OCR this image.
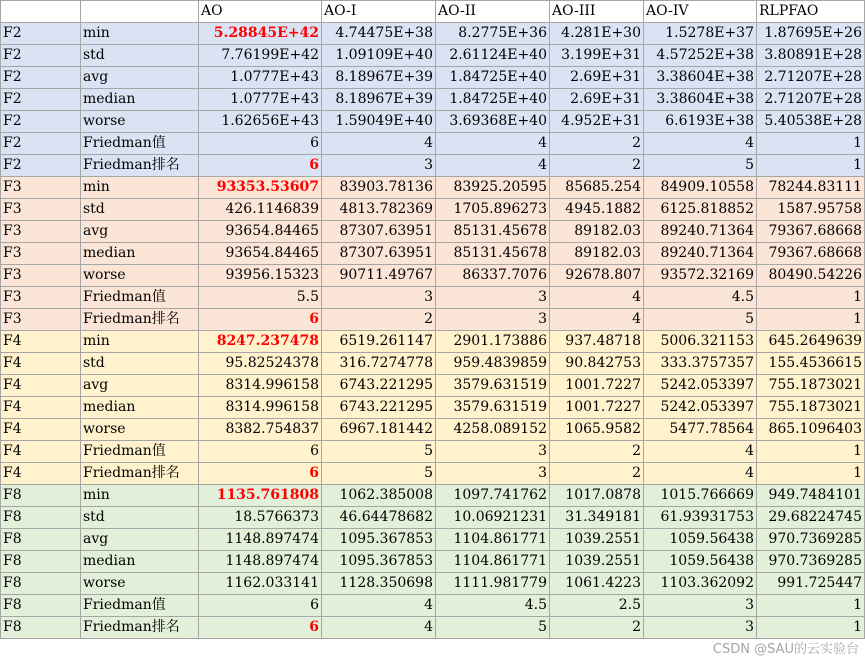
		AO	AO-I	AO-II	AO-III	AO-IV	RLPFAO
F2	min	5.28845E+42	4.74475E+38	8.2775E+36	4.281E+30	1.5278E+37	1.87695E+26
F2	std	7.76199E+42	1.09109E+40	2.61124E+40	3.199E+31	4.57252E+38	3.80891E+28
F2	avg	1.0777E+43	8.18967E+39	1.84725E+40	2.69E+31	3.38604E+38	2.71207E+28
F2	median	1.0777E+43	8.18967E+39	1.84725E+40	2.69E+31	3.38604E+38	2.71207E+28
F2	worse	1.62656E+43	1.59049E+40	3.69368E+40	4.952E+31	6.6193E+38	5.40538E+28
F2	Friedman值	6	4	4	2	4	1
F2	Friedman排名	6	3	4	2	5	1
F3	min	93353.53607	83903.78136	83925.20595	85685.254	84909.10558	78244.83111
F3	std	426.1146839	4813.782369	1705.896273	4945.1882	6125.818852	1587.95758
F3	avg	93654.84465	87307.63951	85131.45678	89182.03	89240.71364	79367.68668
F3	median	93654.84465	87307.63951	85131.45678	89182.03	89240.71364	79367.68668
F3	worse	93956.15323	90711.49767	86337.7076	92678.807	93572.32169	80490.54226
F3	Friedman值	5.5	3	3	4	4.5	1
F3	Friedman排名	6	2	3	4	5	1
F4	min	8247.237478	6519.261147	2901.173886	937.48718	5006.321153	645.2649639
F4	std	95.82524378	316.7274778	959.4839859	90.842753	333.3757357	155.4536615
F4	avg	8314.996158	6743.221295	3579.631519	1001.7227	5242.053397	755.1873021
F4	median	8314.996158	6743.221295	3579.631519	1001.7227	5242.053397	755.1873021
F4	worse	8382.754837	6967.181442	4258.089152	1065.9582	5477.78564	865.1096403
F4	Friedman值	6	5	3	2	4	1
F4	Friedman排名	6	5	3	2	4	1
F8	min	1135.761808	1062.385008	1097.741762	1017.0878	1015.766669	949.7484101
F8	std	18.5766373	46.64478682	10.06921231	31.349181	61.93931753	29.68224745
F8	avg	1148.897474	1095.367853	1104.861771	1039.2551	1059.56438	970.7369285
F8	median	1148.897474	1095.367853	1104.861771	1039.2551	1059.56438	970.7369285
F8	worse	1162.033141	1128.350698	1111.981779	1061.4223	1103.362092	991.725447
F8	Friedman值	6	4	4.5	2.5	3	1
F8	Friedman排名	6	4	5	2	3	1
CSDN @SAU的云实验台
